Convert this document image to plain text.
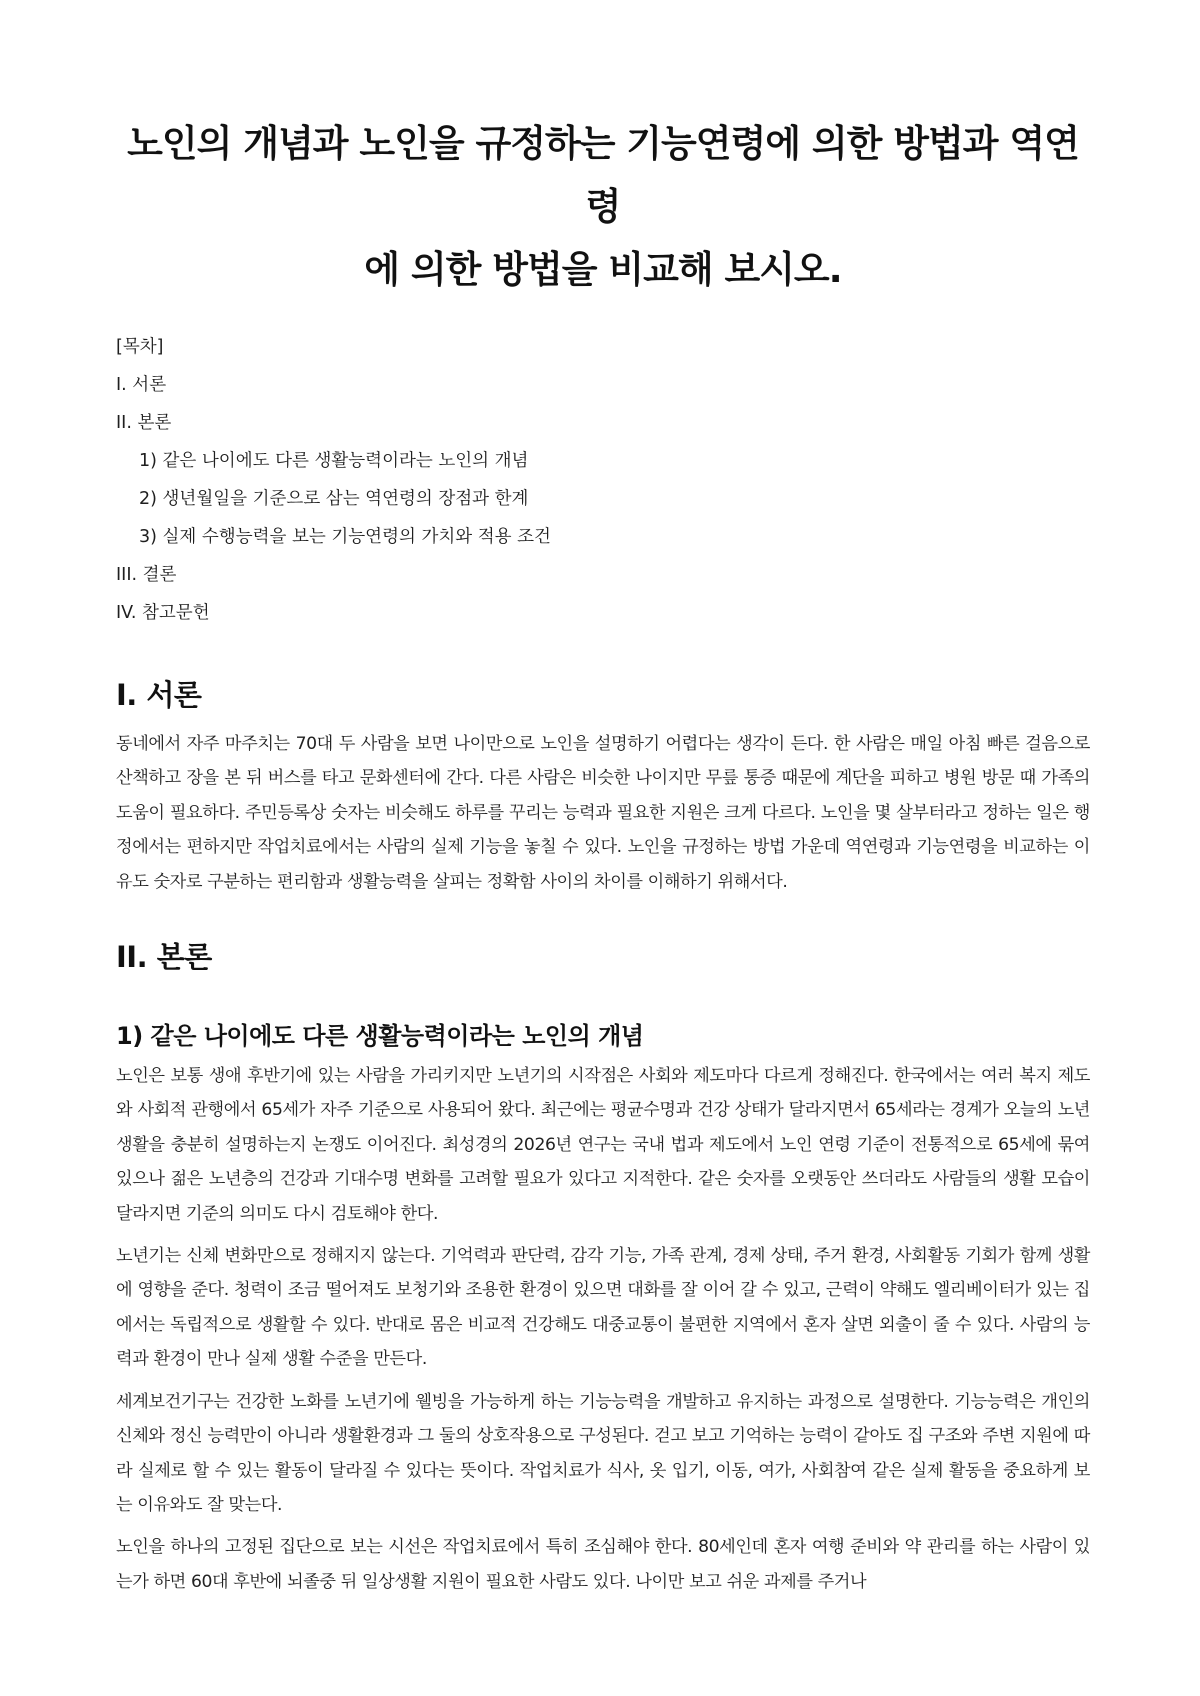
노인의 개념과 노인을 규정하는 기능연령에 의한 방법과 역연령
에 의한 방법을 비교해 보시오.
[목차]
I. 서론
II. 본론
1) 같은 나이에도 다른 생활능력이라는 노인의 개념
2) 생년월일을 기준으로 삼는 역연령의 장점과 한계
3) 실제 수행능력을 보는 기능연령의 가치와 적용 조건
III. 결론
IV. 참고문헌
I. 서론

동네에서 자주 마주치는 70대 두 사람을 보면 나이만으로 노인을 설명하기 어렵다는 생각이 든다. 한 사람은 매일 아침 빠른 걸음으로 산책하고 장을 본 뒤 버스를 타고 문화센터에 간다. 다른 사람은 비슷한 나이지만 무릎 통증 때문에 계단을 피하고 병원 방문 때 가족의 도움이 필요하다. 주민등록상 숫자는 비슷해도 하루를 꾸리는 능력과 필요한 지원은 크게 다르다. 노인을 몇 살부터라고 정하는 일은 행정에서는 편하지만 작업치료에서는 사람의 실제 기능을 놓칠 수 있다. 노인을 규정하는 방법 가운데 역연령과 기능연령을 비교하는 이유도 숫자로 구분하는 편리함과 생활능력을 살피는 정확함 사이의 차이를 이해하기 위해서다.

II. 본론
1) 같은 나이에도 다른 생활능력이라는 노인의 개념

노인은 보통 생애 후반기에 있는 사람을 가리키지만 노년기의 시작점은 사회와 제도마다 다르게 정해진다. 한국에서는 여러 복지 제도와 사회적 관행에서 65세가 자주 기준으로 사용되어 왔다. 최근에는 평균수명과 건강 상태가 달라지면서 65세라는 경계가 오늘의 노년 생활을 충분히 설명하는지 논쟁도 이어진다. 최성경의 2026년 연구는 국내 법과 제도에서 노인 연령 기준이 전통적으로 65세에 묶여 있으나 젊은 노년층의 건강과 기대수명 변화를 고려할 필요가 있다고 지적한다. 같은 숫자를 오랫동안 쓰더라도 사람들의 생활 모습이 달라지면 기준의 의미도 다시 검토해야 한다.

노년기는 신체 변화만으로 정해지지 않는다. 기억력과 판단력, 감각 기능, 가족 관계, 경제 상태, 주거 환경, 사회활동 기회가 함께 생활에 영향을 준다. 청력이 조금 떨어져도 보청기와 조용한 환경이 있으면 대화를 잘 이어 갈 수 있고, 근력이 약해도 엘리베이터가 있는 집에서는 독립적으로 생활할 수 있다. 반대로 몸은 비교적 건강해도 대중교통이 불편한 지역에서 혼자 살면 외출이 줄 수 있다. 사람의 능력과 환경이 만나 실제 생활 수준을 만든다.

세계보건기구는 건강한 노화를 노년기에 웰빙을 가능하게 하는 기능능력을 개발하고 유지하는 과정으로 설명한다. 기능능력은 개인의 신체와 정신 능력만이 아니라 생활환경과 그 둘의 상호작용으로 구성된다. 걷고 보고 기억하는 능력이 같아도 집 구조와 주변 지원에 따라 실제로 할 수 있는 활동이 달라질 수 있다는 뜻이다. 작업치료가 식사, 옷 입기, 이동, 여가, 사회참여 같은 실제 활동을 중요하게 보는 이유와도 잘 맞는다.

노인을 하나의 고정된 집단으로 보는 시선은 작업치료에서 특히 조심해야 한다. 80세인데 혼자 여행 준비와 약 관리를 하는 사람이 있는가 하면 60대 후반에 뇌졸중 뒤 일상생활 지원이 필요한 사람도 있다. 나이만 보고 쉬운 과제를 주거나
